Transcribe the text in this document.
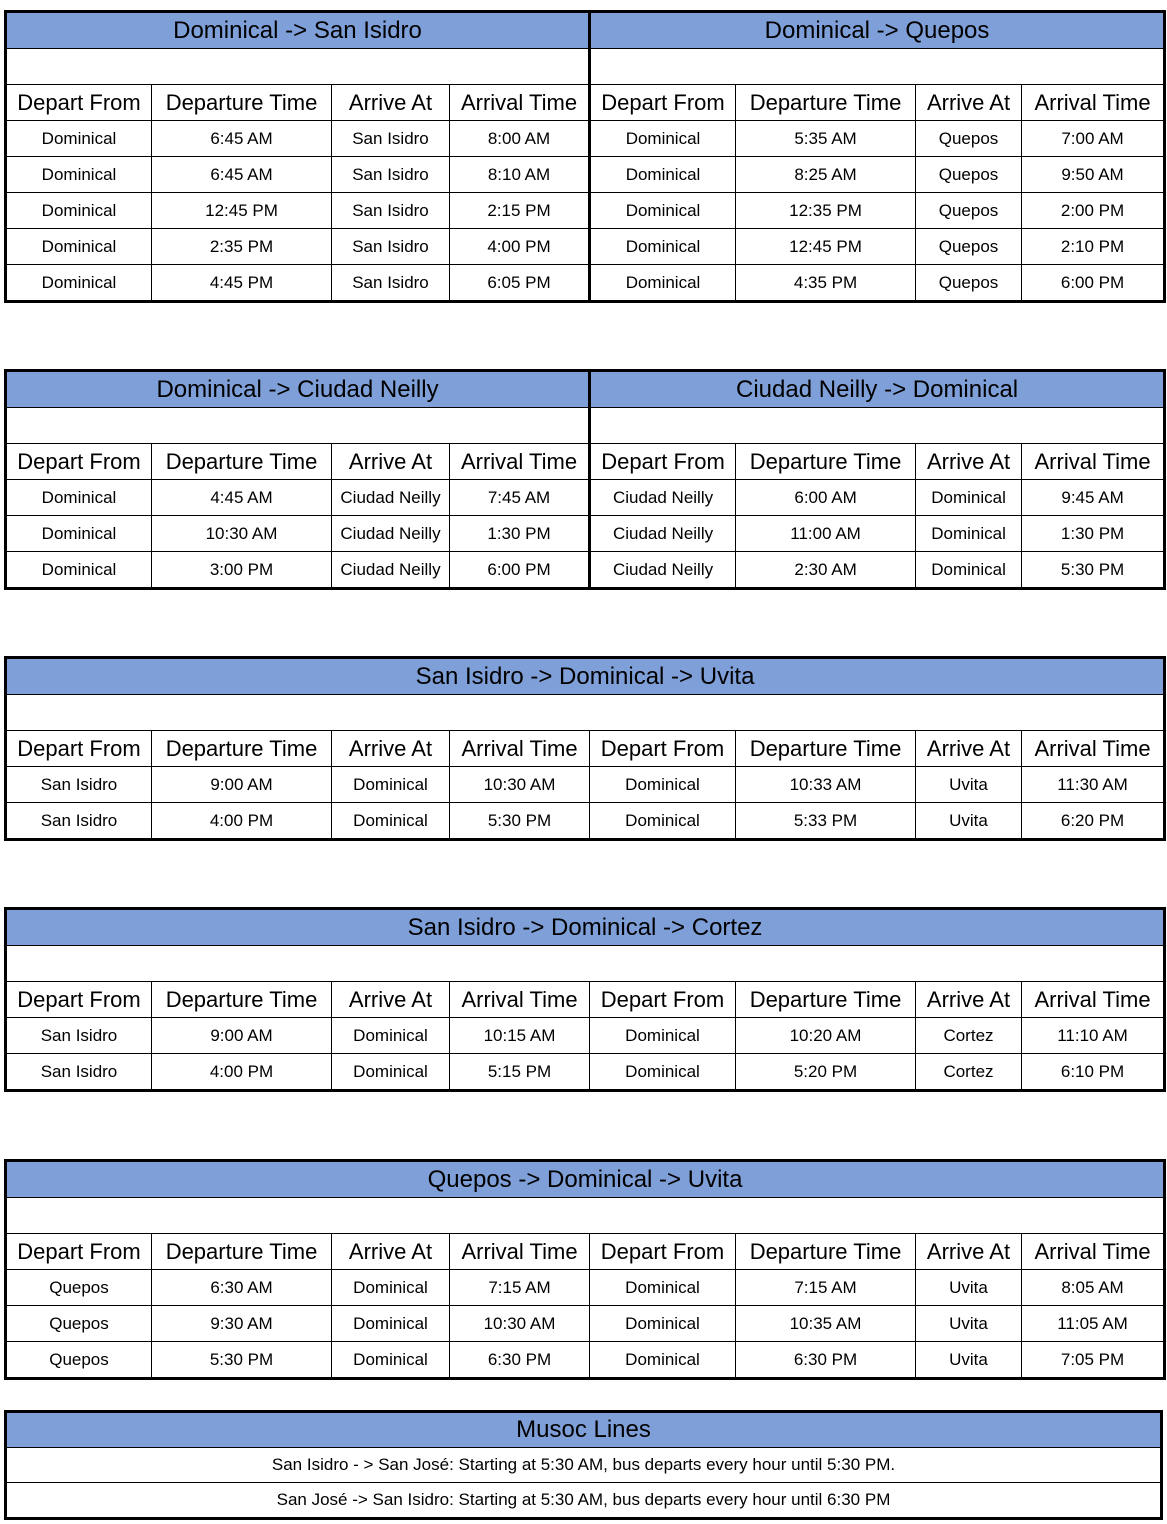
Dominical -> San Isidro				Dominical -> Quepos			

Depart From	Departure Time	Arrive At	Arrival Time	Depart From	Departure Time	Arrive At	Arrival Time
Dominical	6:45 AM	San Isidro	8:00 AM	Dominical	5:35 AM	Quepos	7:00 AM
Dominical	6:45 AM	San Isidro	8:10 AM	Dominical	8:25 AM	Quepos	9:50 AM
Dominical	12:45 PM	San Isidro	2:15 PM	Dominical	12:35 PM	Quepos	2:00 PM
Dominical	2:35 PM	San Isidro	4:00 PM	Dominical	12:45 PM	Quepos	2:10 PM
Dominical	4:45 PM	San Isidro	6:05 PM	Dominical	4:35 PM	Quepos	6:00 PM
Dominical -> Ciudad Neilly				Ciudad Neilly -> Dominical			

Depart From	Departure Time	Arrive At	Arrival Time	Depart From	Departure Time	Arrive At	Arrival Time
Dominical	4:45 AM	Ciudad Neilly	7:45 AM	Ciudad Neilly	6:00 AM	Dominical	9:45 AM
Dominical	10:30 AM	Ciudad Neilly	1:30 PM	Ciudad Neilly	11:00 AM	Dominical	1:30 PM
Dominical	3:00 PM	Ciudad Neilly	6:00 PM	Ciudad Neilly	2:30 AM	Dominical	5:30 PM
San Isidro -> Dominical -> Uvita							

Depart From	Departure Time	Arrive At	Arrival Time	Depart From	Departure Time	Arrive At	Arrival Time
San Isidro	9:00 AM	Dominical	10:30 AM	Dominical	10:33 AM	Uvita	11:30 AM
San Isidro	4:00 PM	Dominical	5:30 PM	Dominical	5:33 PM	Uvita	6:20 PM
San Isidro -> Dominical -> Cortez							

Depart From	Departure Time	Arrive At	Arrival Time	Depart From	Departure Time	Arrive At	Arrival Time
San Isidro	9:00 AM	Dominical	10:15 AM	Dominical	10:20 AM	Cortez	11:10 AM
San Isidro	4:00 PM	Dominical	5:15 PM	Dominical	5:20 PM	Cortez	6:10 PM
Quepos -> Dominical -> Uvita							

Depart From	Departure Time	Arrive At	Arrival Time	Depart From	Departure Time	Arrive At	Arrival Time
Quepos	6:30 AM	Dominical	7:15 AM	Dominical	7:15 AM	Uvita	8:05 AM
Quepos	9:30 AM	Dominical	10:30 AM	Dominical	10:35 AM	Uvita	11:05 AM
Quepos	5:30 PM	Dominical	6:30 PM	Dominical	6:30 PM	Uvita	7:05 PM
Musoc Lines
San Isidro - > San José: Starting at 5:30 AM, bus departs every hour until 5:30 PM.
San José -> San Isidro: Starting at 5:30 AM, bus departs every hour until 6:30 PM
